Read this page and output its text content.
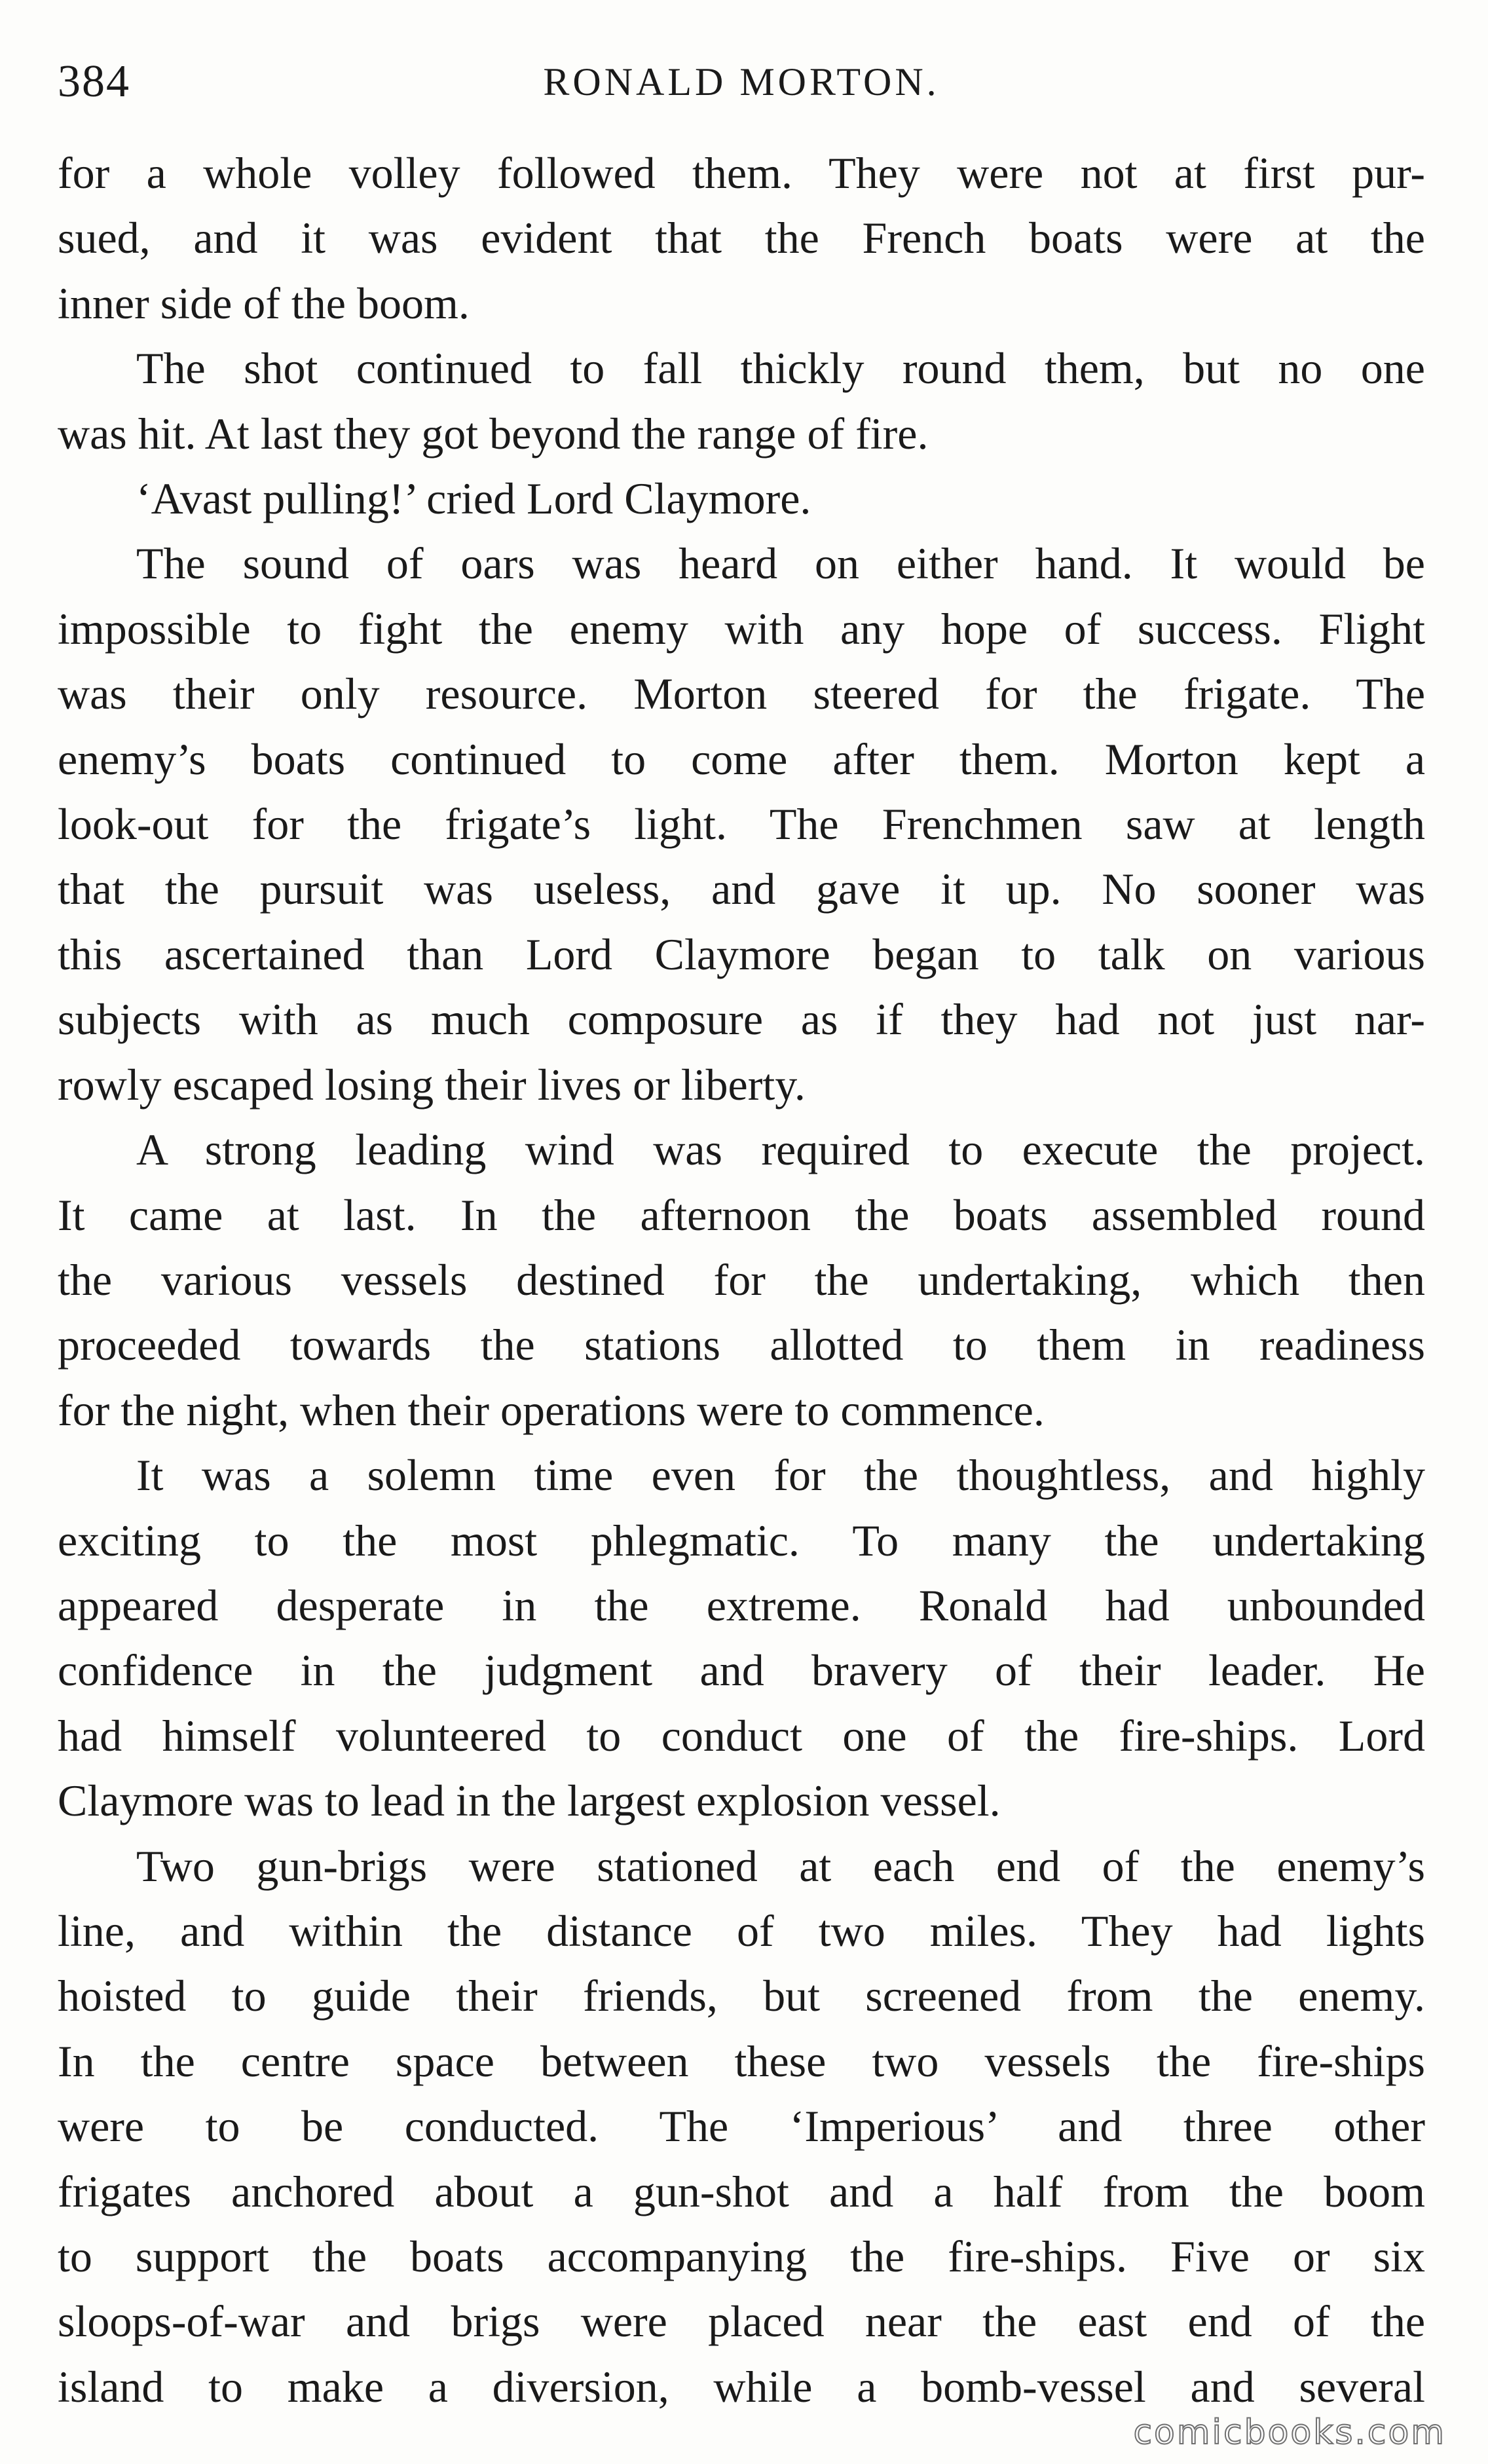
384	RONALD MORTON.

for a whole volley followed them. They were not at first pur-
sued, and it was evident that the French boats were at the
inner side of the boom.

The shot continued to fall thickly round them, but no one
was hit. At last they got beyond the range of fire.

‘Avast pulling!’ cried Lord Claymore.

The sound of oars was heard on either hand. It would be
impossible to fight the enemy with any hope of success. Flight
was their only resource. Morton steered for the frigate. The
enemy’s boats continued to come after them. Morton kept a
look-out for the frigate’s light. The Frenchmen saw at length
that the pursuit was useless, and gave it up. No sooner was
this ascertained than Lord Claymore began to talk on various
subjects with as much composure as if they had not just nar-
rowly escaped losing their lives or liberty.

A strong leading wind was required to execute the project.
It came at last. In the afternoon the boats assembled round
the various vessels destined for the undertaking, which then
proceeded towards the stations allotted to them in readiness
for the night, when their operations were to commence.

It was a solemn time even for the thoughtless, and highly
exciting to the most phlegmatic. To many the undertaking
appeared desperate in the extreme. Ronald had unbounded
confidence in the judgment and bravery of their leader. He
had himself volunteered to conduct one of the fire-ships. Lord
Claymore was to lead in the largest explosion vessel.

Two gun-brigs were stationed at each end of the enemy’s
line, and within the distance of two miles. They had lights
hoisted to guide their friends, but screened from the enemy.
In the centre space between these two vessels the fire-ships
were to be conducted. The ‘Imperious’ and three other
frigates anchored about a gun-shot and a half from the boom
to support the boats accompanying the fire-ships. Five or six
sloops-of-war and brigs were placed near the east end of the
island to make a diversion, while a bomb-vessel and several

comicbooks.com
